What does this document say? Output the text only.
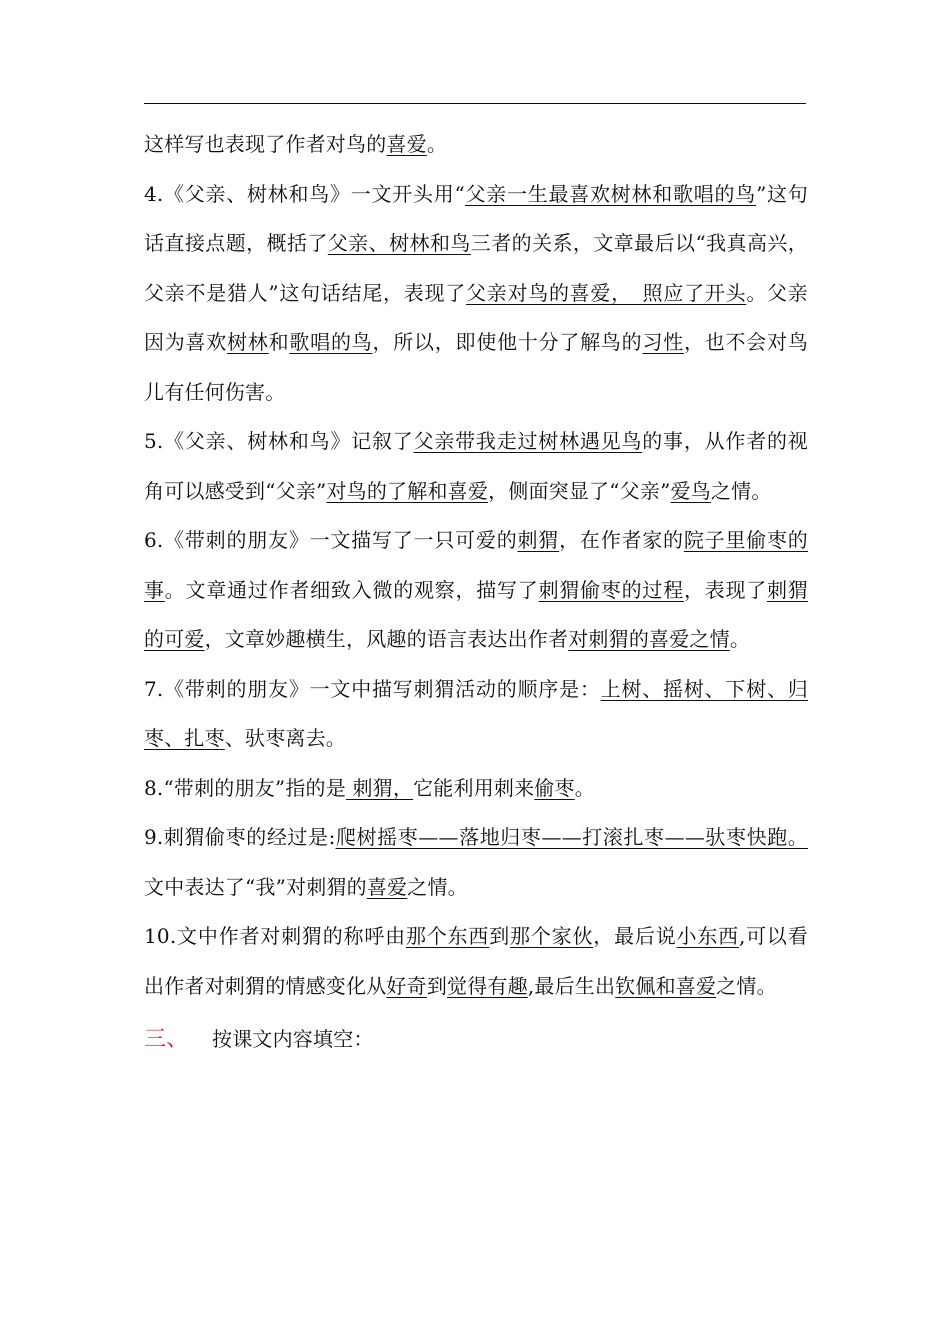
这样写也表现了作者对鸟的喜爱。

4.《父亲、树林和鸟》一文开头用“父亲一生最喜欢树林和歌唱的鸟”这句话直接点题，概括了父亲、树林和鸟三者的关系，文章最后以“我真高兴，父亲不是猎人”这句话结尾，表现了父亲对鸟的喜爱，　照应了开头。父亲因为喜欢树林和歌唱的鸟，所以，即使他十分了解鸟的习性，也不会对鸟儿有任何伤害。

5.《父亲、树林和鸟》记叙了父亲带我走过树林遇见鸟的事，从作者的视角可以感受到“父亲”对鸟的了解和喜爱，侧面突显了“父亲”爱鸟之情。

6.《带刺的朋友》一文描写了一只可爱的刺猬，在作者家的院子里偷枣的事。文章通过作者细致入微的观察，描写了刺猬偷枣的过程，表现了刺猬的可爱，文章妙趣横生，风趣的语言表达出作者对刺猬的喜爱之情。

7.《带刺的朋友》一文中描写刺猬活动的顺序是：上树、摇树、下树、归枣、扎枣、驮枣离去。

8.“带刺的朋友”指的是 刺猬，它能利用刺来偷枣。

9.刺猬偷枣的经过是:爬树摇枣——落地归枣——打滚扎枣——驮枣快跑。文中表达了“我”对刺猬的喜爱之情。

10.文中作者对刺猬的称呼由那个东西到那个家伙，最后说小东西,可以看出作者对刺猬的情感变化从好奇到觉得有趣,最后生出钦佩和喜爱之情。

三、 按课文内容填空：
